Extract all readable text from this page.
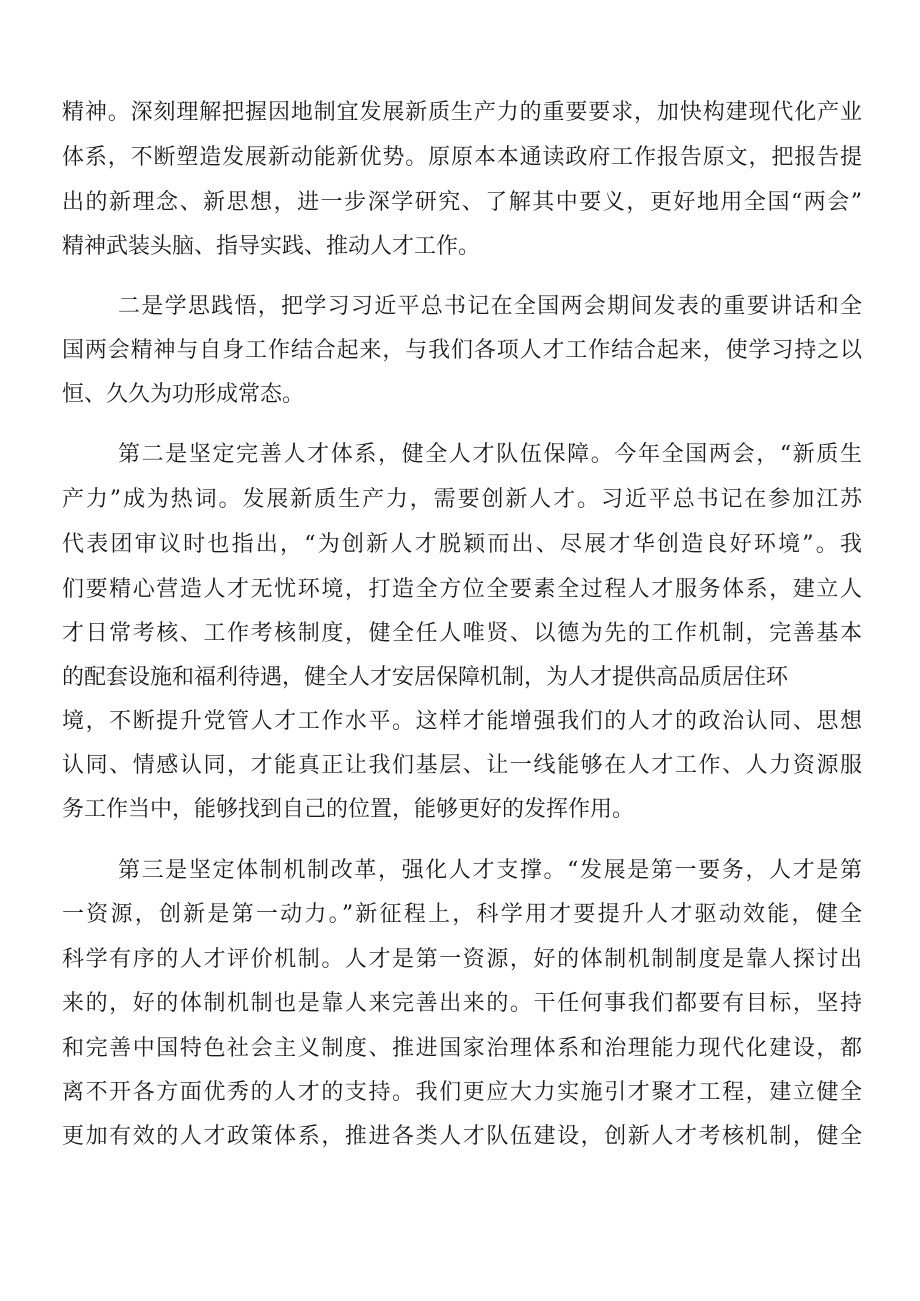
精神。深刻理解把握因地制宜发展新质生产力的重要要求，加快构建现代化产业

体系，不断塑造发展新动能新优势。原原本本通读政府工作报告原文，把报告提

出的新理念、新思想，进一步深学研究、了解其中要义，更好地用全国“两会”

精神武装头脑、指导实践、推动人才工作。

二是学思践悟，把学习习近平总书记在全国两会期间发表的重要讲话和全

国两会精神与自身工作结合起来，与我们各项人才工作结合起来，使学习持之以

恒、久久为功形成常态。

第二是坚定完善人才体系，健全人才队伍保障。今年全国两会，“新质生

产力”成为热词。发展新质生产力，需要创新人才。习近平总书记在参加江苏

代表团审议时也指出，“为创新人才脱颖而出、尽展才华创造良好环境”。我

们要精心营造人才无忧环境，打造全方位全要素全过程人才服务体系，建立人

才日常考核、工作考核制度，健全任人唯贤、以德为先的工作机制，完善基本

的配套设施和福利待遇，健全人才安居保障机制，为人才提供高品质居住环

境，不断提升党管人才工作水平。这样才能增强我们的人才的政治认同、思想

认同、情感认同，才能真正让我们基层、让一线能够在人才工作、人力资源服

务工作当中，能够找到自己的位置，能够更好的发挥作用。

第三是坚定体制机制改革，强化人才支撑。“发展是第一要务，人才是第

一资源，创新是第一动力。”新征程上，科学用才要提升人才驱动效能，健全

科学有序的人才评价机制。人才是第一资源，好的体制机制制度是靠人探讨出

来的，好的体制机制也是靠人来完善出来的。干任何事我们都要有目标，坚持

和完善中国特色社会主义制度、推进国家治理体系和治理能力现代化建设，都

离不开各方面优秀的人才的支持。我们更应大力实施引才聚才工程，建立健全

更加有效的人才政策体系，推进各类人才队伍建设，创新人才考核机制，健全
